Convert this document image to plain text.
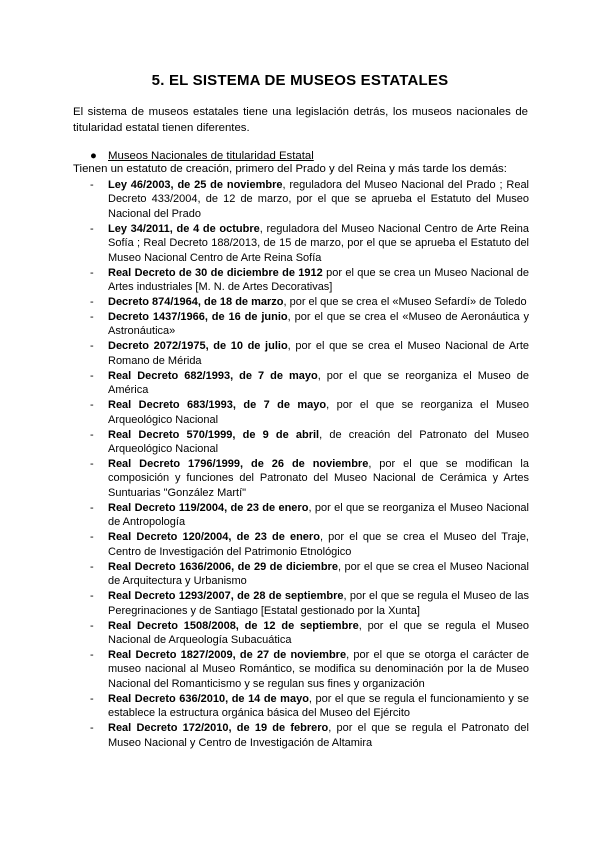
5. EL SISTEMA DE MUSEOS ESTATALES

El sistema de museos estatales tiene una legislación detrás, los museos nacionales de titularidad estatal tienen diferentes.

● Museos Nacionales de titularidad Estatal

Tienen un estatuto de creación, primero del Prado y del Reina y más tarde los demás:

- Ley 46/2003, de 25 de noviembre, reguladora del Museo Nacional del Prado ; Real Decreto 433/2004, de 12 de marzo, por el que se aprueba el Estatuto del Museo Nacional del Prado
- Ley 34/2011, de 4 de octubre, reguladora del Museo Nacional Centro de Arte Reina Sofía ; Real Decreto 188/2013, de 15 de marzo, por el que se aprueba el Estatuto del Museo Nacional Centro de Arte Reina Sofía
- Real Decreto de 30 de diciembre de 1912 por el que se crea un Museo Nacional de Artes industriales [M. N. de Artes Decorativas]
- Decreto 874/1964, de 18 de marzo, por el que se crea el «Museo Sefardí» de Toledo
- Decreto 1437/1966, de 16 de junio, por el que se crea el «Museo de Aeronáutica y Astronáutica»
- Decreto 2072/1975, de 10 de julio, por el que se crea el Museo Nacional de Arte Romano de Mérida
- Real Decreto 682/1993, de 7 de mayo, por el que se reorganiza el Museo de América
- Real Decreto 683/1993, de 7 de mayo, por el que se reorganiza el Museo Arqueológico Nacional
- Real Decreto 570/1999, de 9 de abril, de creación del Patronato del Museo Arqueológico Nacional
- Real Decreto 1796/1999, de 26 de noviembre, por el que se modifican la composición y funciones del Patronato del Museo Nacional de Cerámica y Artes Suntuarias "González Martí"
- Real Decreto 119/2004, de 23 de enero, por el que se reorganiza el Museo Nacional de Antropología
- Real Decreto 120/2004, de 23 de enero, por el que se crea el Museo del Traje, Centro de Investigación del Patrimonio Etnológico
- Real Decreto 1636/2006, de 29 de diciembre, por el que se crea el Museo Nacional de Arquitectura y Urbanismo
- Real Decreto 1293/2007, de 28 de septiembre, por el que se regula el Museo de las Peregrinaciones y de Santiago [Estatal gestionado por la Xunta]
- Real Decreto 1508/2008, de 12 de septiembre, por el que se regula el Museo Nacional de Arqueología Subacuática
- Real Decreto 1827/2009, de 27 de noviembre, por el que se otorga el carácter de museo nacional al Museo Romántico, se modifica su denominación por la de Museo Nacional del Romanticismo y se regulan sus fines y organización
- Real Decreto 636/2010, de 14 de mayo, por el que se regula el funcionamiento y se establece la estructura orgánica básica del Museo del Ejército
- Real Decreto 172/2010, de 19 de febrero, por el que se regula el Patronato del Museo Nacional y Centro de Investigación de Altamira
